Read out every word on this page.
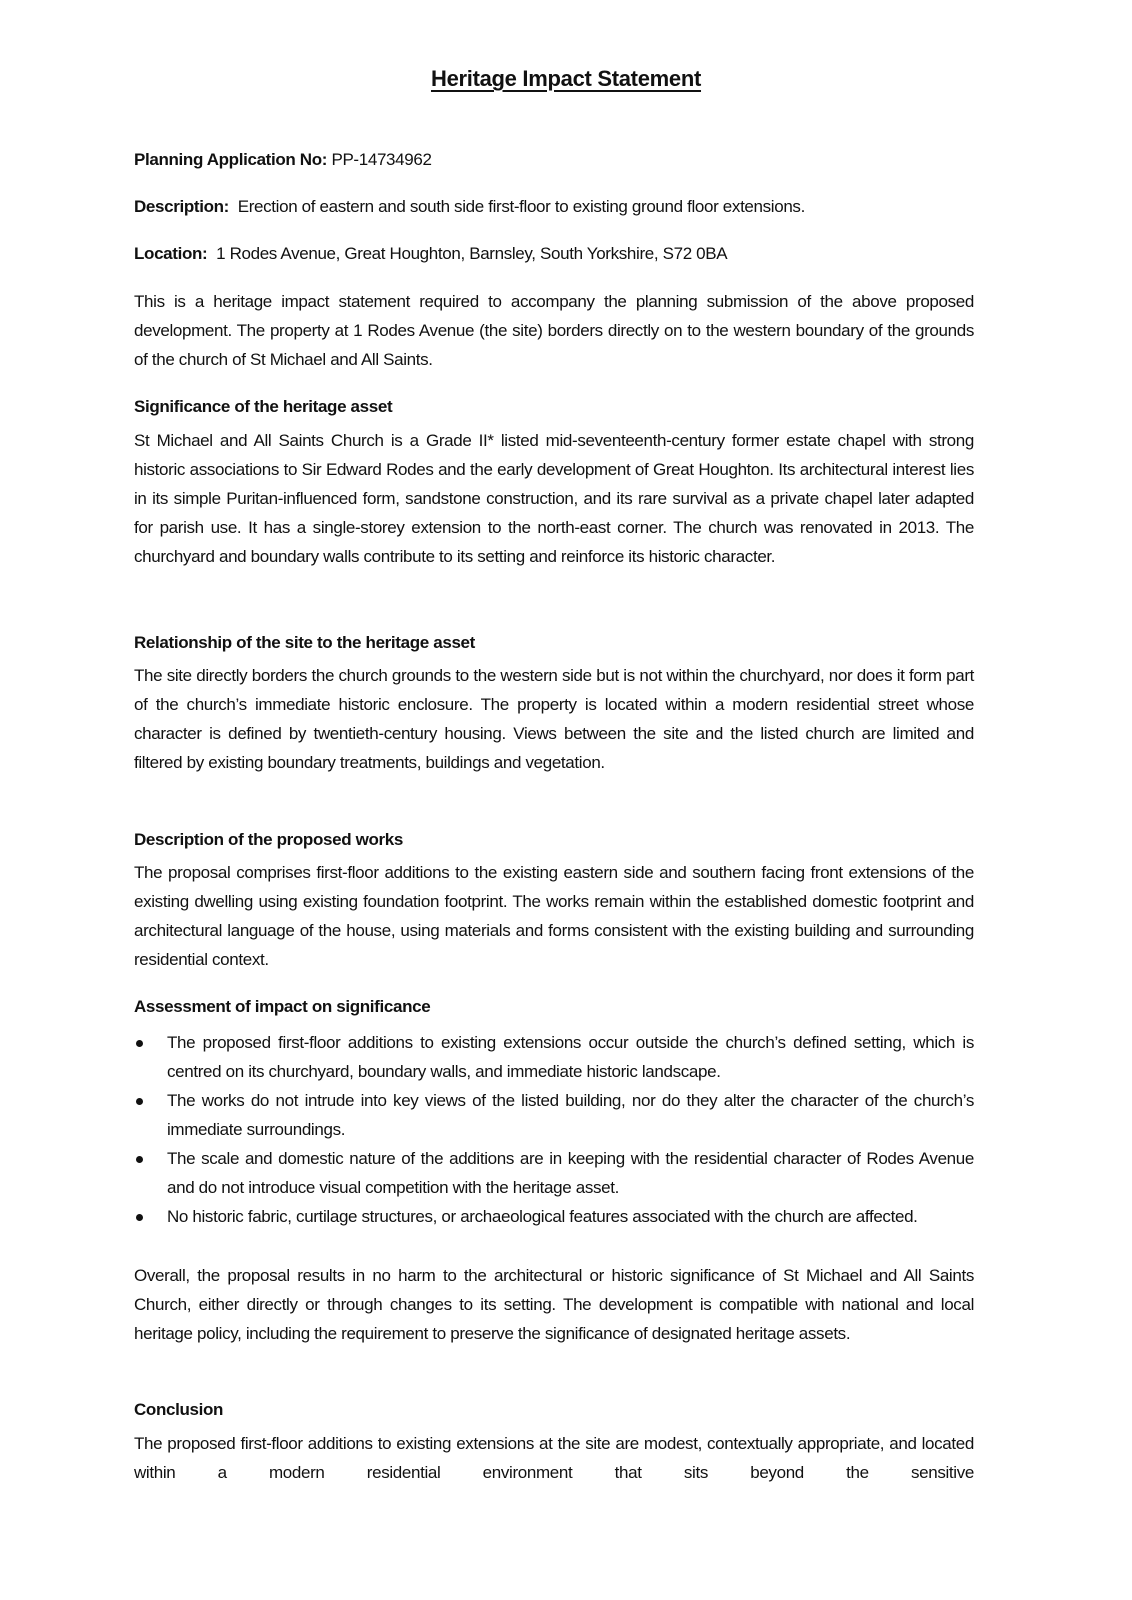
Heritage Impact Statement
Planning Application No: PP-14734962
Description: Erection of eastern and south side first-floor to existing ground floor extensions.
Location: 1 Rodes Avenue, Great Houghton, Barnsley, South Yorkshire, S72 0BA
This is a heritage impact statement required to accompany the planning submission of the above proposed development. The property at 1 Rodes Avenue (the site) borders directly on to the western boundary of the grounds of the church of St Michael and All Saints.
Significance of the heritage asset
St Michael and All Saints Church is a Grade II* listed mid-seventeenth-century former estate chapel with strong historic associations to Sir Edward Rodes and the early development of Great Houghton. Its architectural interest lies in its simple Puritan-influenced form, sandstone construction, and its rare survival as a private chapel later adapted for parish use. It has a single-storey extension to the north-east corner. The church was renovated in 2013. The churchyard and boundary walls contribute to its setting and reinforce its historic character.
Relationship of the site to the heritage asset
The site directly borders the church grounds to the western side but is not within the churchyard, nor does it form part of the church’s immediate historic enclosure. The property is located within a modern residential street whose character is defined by twentieth-century housing. Views between the site and the listed church are limited and filtered by existing boundary treatments, buildings and vegetation.
Description of the proposed works
The proposal comprises first-floor additions to the existing eastern side and southern facing front extensions of the existing dwelling using existing foundation footprint. The works remain within the established domestic footprint and architectural language of the house, using materials and forms consistent with the existing building and surrounding residential context.
Assessment of impact on significance
The proposed first-floor additions to existing extensions occur outside the church’s defined setting, which is centred on its churchyard, boundary walls, and immediate historic landscape.
The works do not intrude into key views of the listed building, nor do they alter the character of the church’s immediate surroundings.
The scale and domestic nature of the additions are in keeping with the residential character of Rodes Avenue and do not introduce visual competition with the heritage asset.
No historic fabric, curtilage structures, or archaeological features associated with the church are affected.
Overall, the proposal results in no harm to the architectural or historic significance of St Michael and All Saints Church, either directly or through changes to its setting. The development is compatible with national and local heritage policy, including the requirement to preserve the significance of designated heritage assets.
Conclusion
The proposed first-floor additions to existing extensions at the site are modest, contextually appropriate, and located within a modern residential environment that sits beyond the sensitive
